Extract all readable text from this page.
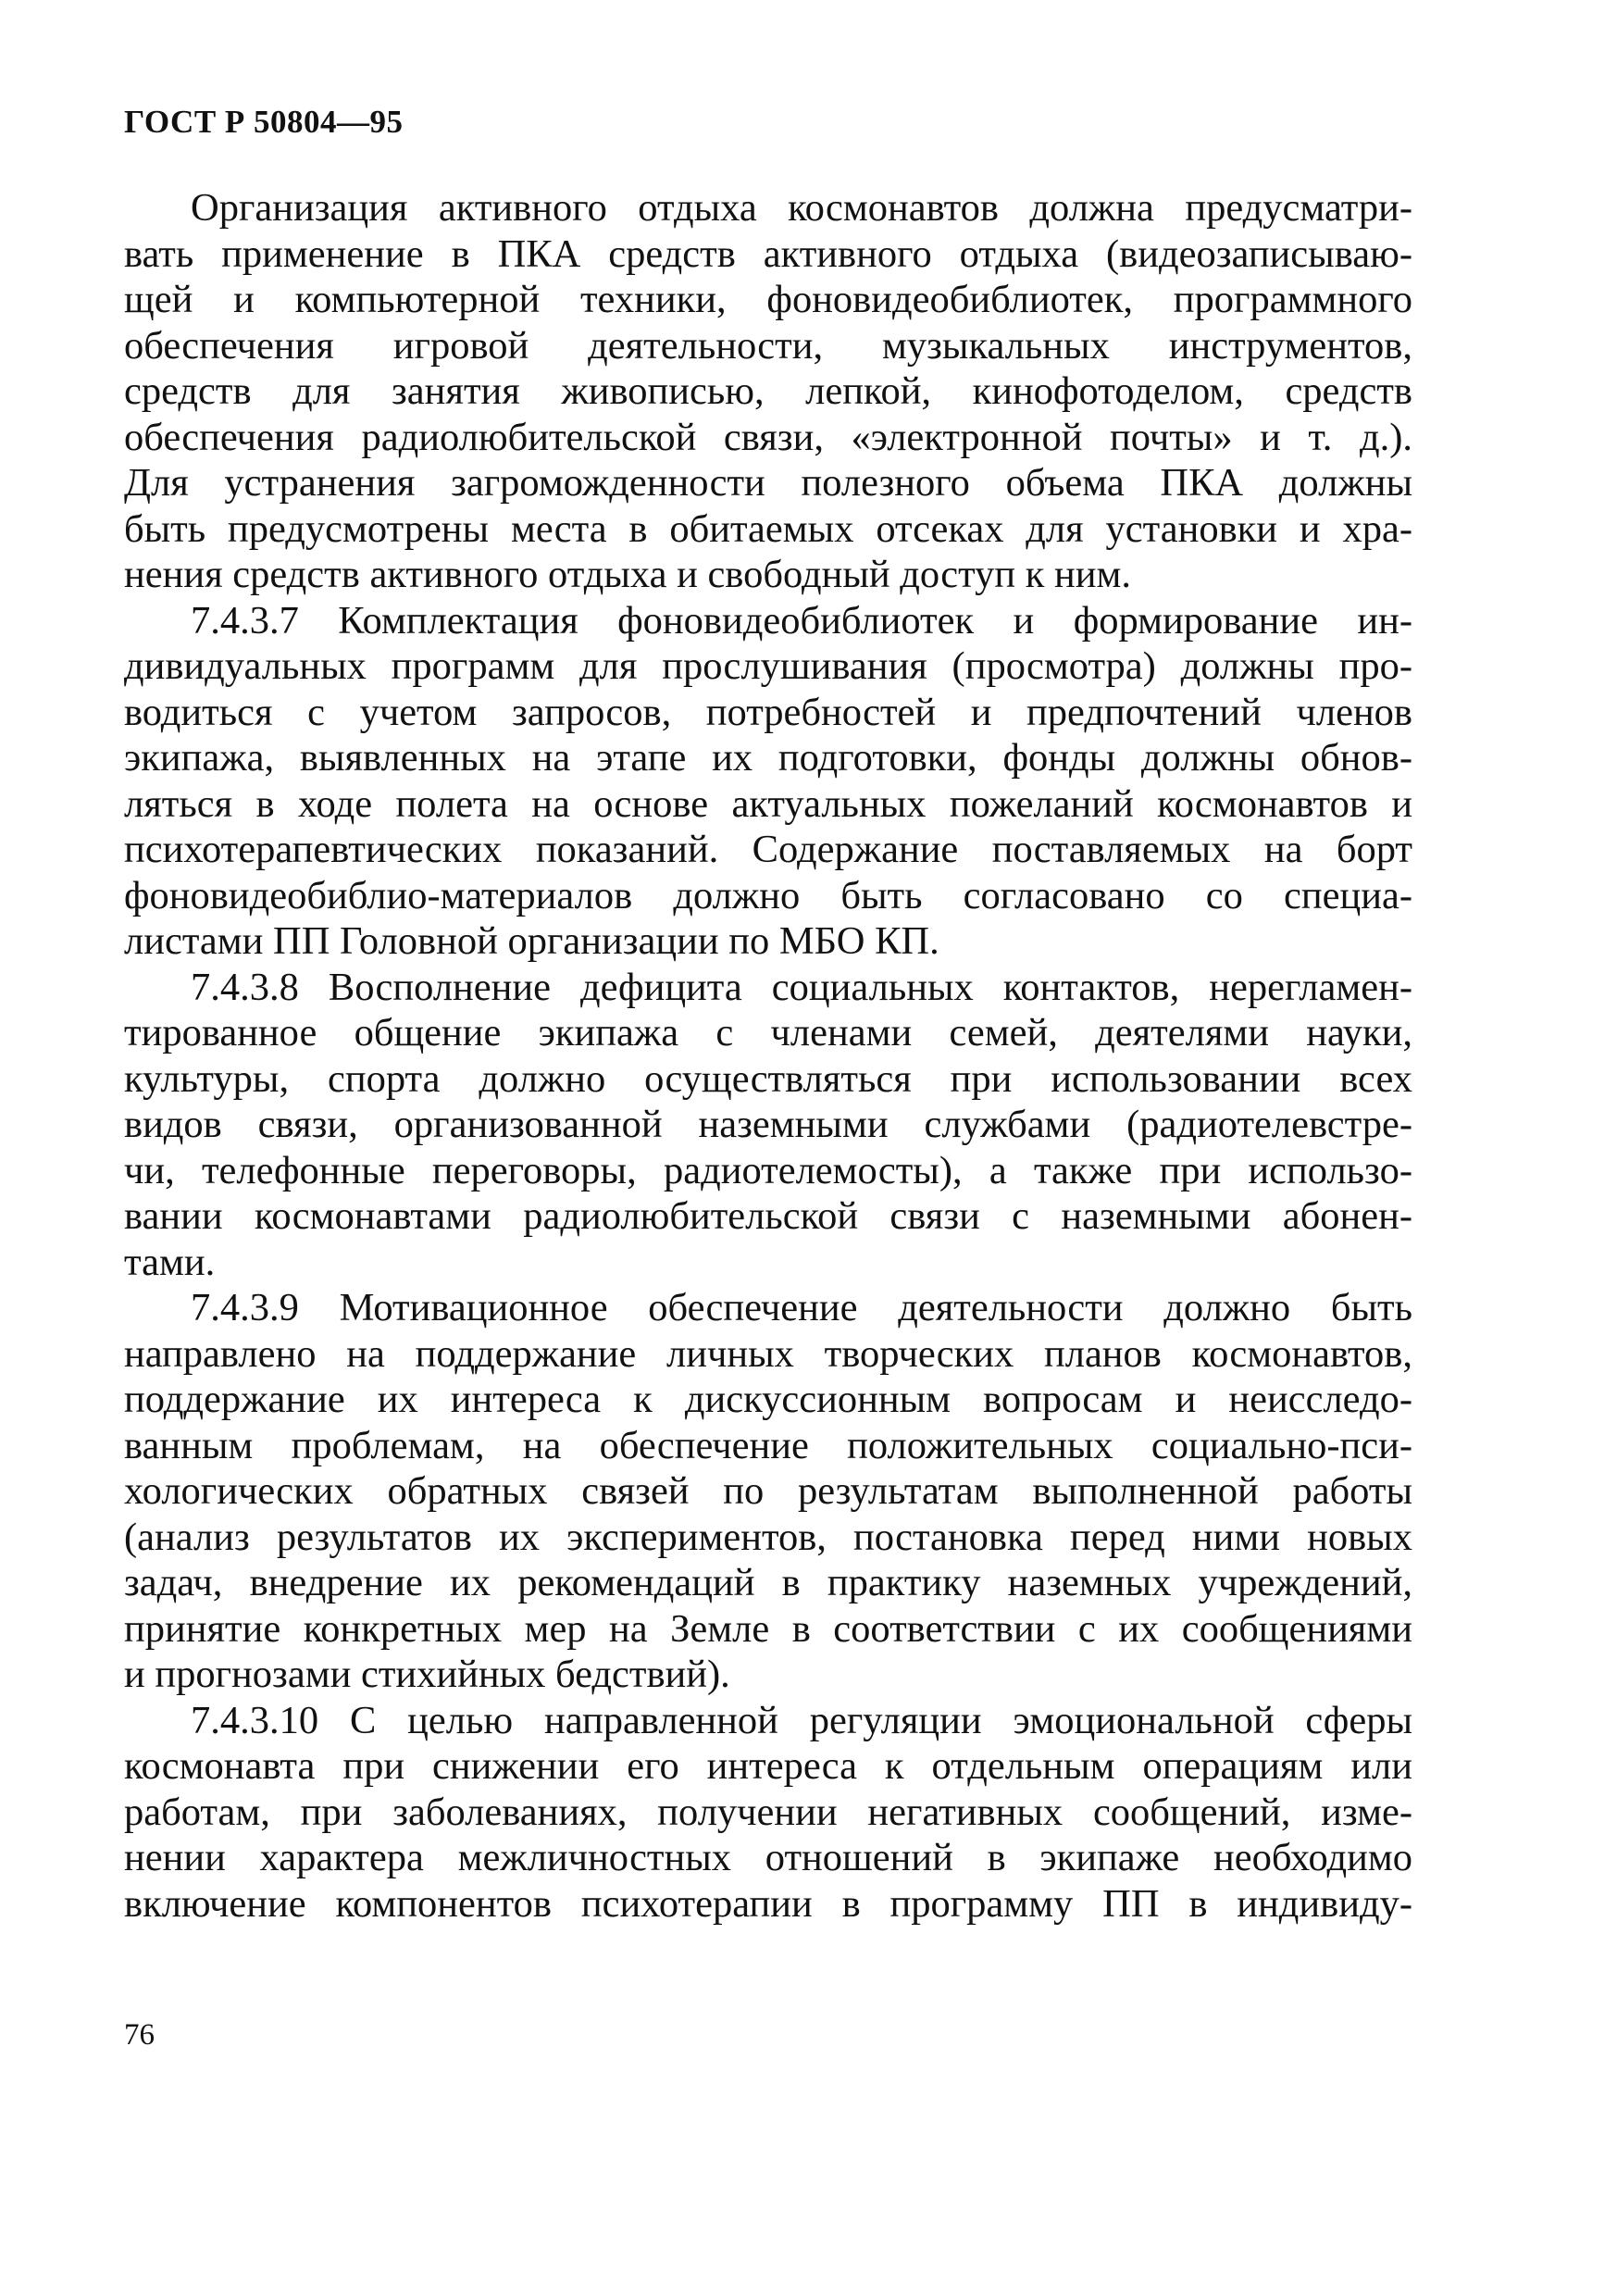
ГОСТ Р 50804—95

Организация активного отдыха космонавтов должна предусматри-
вать применение в ПКА средств активного отдыха (видеозаписываю-
щей и компьютерной техники, фоновидеобиблиотек, программного
обеспечения игровой деятельности, музыкальных инструментов,
средств для занятия живописью, лепкой, кинофотоделом, средств
обеспечения радиолюбительской связи, «электронной почты» и т. д.).
Для устранения загроможденности полезного объема ПКА должны
быть предусмотрены места в обитаемых отсеках для установки и хра-
нения средств активного отдыха и свободный доступ к ним.

7.4.3.7 Комплектация фоновидеобиблиотек и формирование ин-
дивидуальных программ для прослушивания (просмотра) должны про-
водиться с учетом запросов, потребностей и предпочтений членов
экипажа, выявленных на этапе их подготовки, фонды должны обнов-
ляться в ходе полета на основе актуальных пожеланий космонавтов и
психотерапевтических показаний. Содержание поставляемых на борт
фоновидеобиблио-материалов должно быть согласовано со специа-
листами ПП Головной организации по МБО КП.

7.4.3.8 Восполнение дефицита социальных контактов, нерегламен-
тированное общение экипажа с членами семей, деятелями науки,
культуры, спорта должно осуществляться при использовании всех
видов связи, организованной наземными службами (радиотелевстре-
чи, телефонные переговоры, радиотелемосты), а также при использо-
вании космонавтами радиолюбительской связи с наземными абонен-
тами.

7.4.3.9 Мотивационное обеспечение деятельности должно быть
направлено на поддержание личных творческих планов космонавтов,
поддержание их интереса к дискуссионным вопросам и неисследо-
ванным проблемам, на обеспечение положительных социально-пси-
хологических обратных связей по результатам выполненной работы
(анализ результатов их экспериментов, постановка перед ними новых
задач, внедрение их рекомендаций в практику наземных учреждений,
принятие конкретных мер на Земле в соответствии с их сообщениями
и прогнозами стихийных бедствий).

7.4.3.10 С целью направленной регуляции эмоциональной сферы
космонавта при снижении его интереса к отдельным операциям или
работам, при заболеваниях, получении негативных сообщений, изме-
нении характера межличностных отношений в экипаже необходимо
включение компонентов психотерапии в программу ПП в индивиду-

76
